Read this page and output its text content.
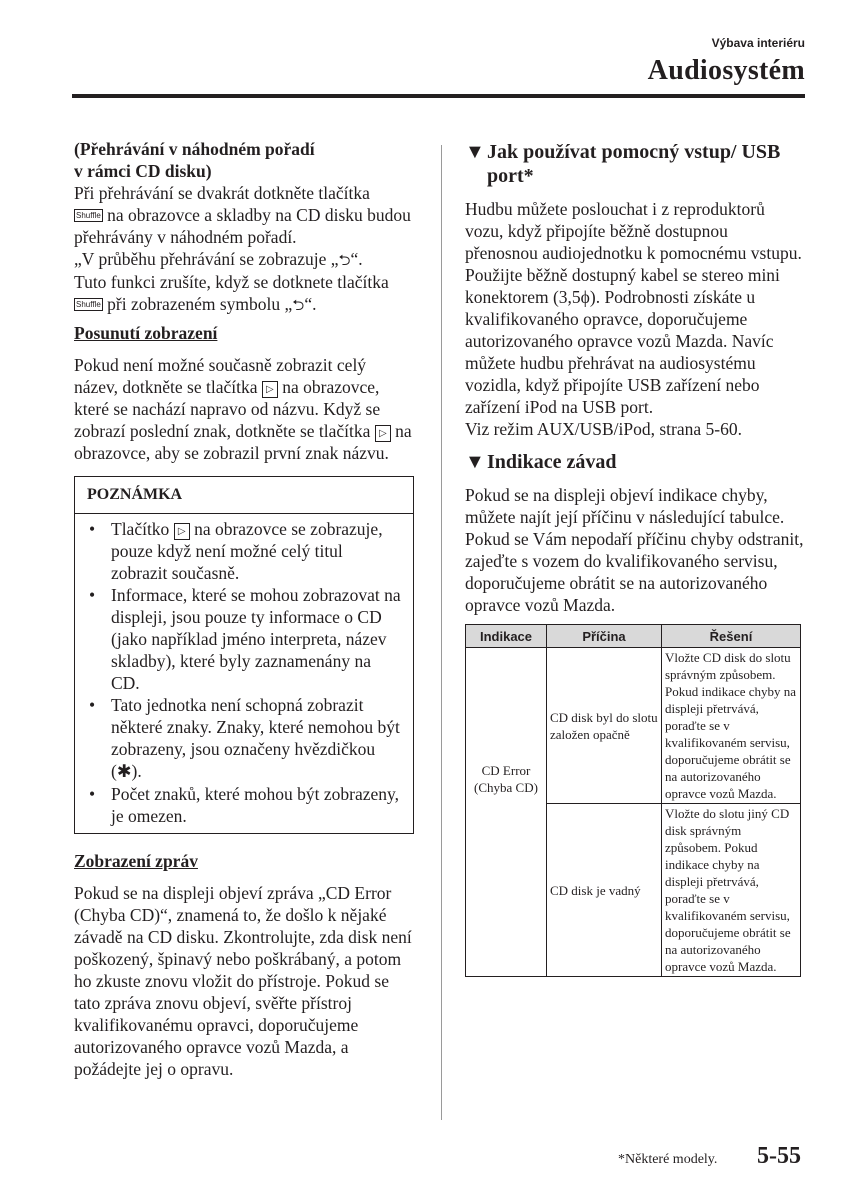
Výbava interiéru
Audiosystém

(Přehrávání v náhodném pořadí
v rámci CD disku)

Při přehrávání se dvakrát dotkněte tlačítka
Shuffle na obrazovce a skladby na CD disku budou přehrávány v náhodném pořadí.
„V průběhu přehrávání se zobrazuje „⮌“.
Tuto funkci zrušíte, když se dotknete tlačítka Shuffle při zobrazeném symbolu „⮌“.

Posunutí zobrazení

Pokud není možné současně zobrazit celý název, dotkněte se tlačítka ▷ na obrazovce, které se nachází napravo od názvu. Když se zobrazí poslední znak, dotkněte se tlačítka ▷ na obrazovce, aby se zobrazil první znak názvu.

POZNÁMKA
• Tlačítko ▷ na obrazovce se zobrazuje, pouze když není možné celý titul zobrazit současně.
• Informace, které se mohou zobrazovat na displeji, jsou pouze ty informace o CD (jako například jméno interpreta, název skladby), které byly zaznamenány na CD.
• Tato jednotka není schopná zobrazit některé znaky. Znaky, které nemohou být zobrazeny, jsou označeny hvězdičkou (✱).
• Počet znaků, které mohou být zobrazeny, je omezen.

Zobrazení zpráv

Pokud se na displeji objeví zpráva „CD Error (Chyba CD)“, znamená to, že došlo k nějaké závadě na CD disku. Zkontrolujte, zda disk není poškozený, špinavý nebo poškrábaný, a potom ho zkuste znovu vložit do přístroje. Pokud se tato zpráva znovu objeví, svěřte přístroj kvalifikovanému opravci, doporučujeme autorizovaného opravce vozů Mazda, a požádejte jej o opravu.

▼ Jak používat pomocný vstup/ USB port*

Hudbu můžete poslouchat i z reproduktorů vozu, když připojíte běžně dostupnou přenosnou audiojednotku k pomocnému vstupu. Použijte běžně dostupný kabel se stereo mini konektorem (3,5ϕ). Podrobnosti získáte u kvalifikovaného opravce, doporučujeme autorizovaného opravce vozů Mazda. Navíc můžete hudbu přehrávat na audiosystému vozidla, když připojíte USB zařízení nebo zařízení iPod na USB port.

Viz režim AUX/USB/iPod, strana 5-60.

▼ Indikace závad

Pokud se na displeji objeví indikace chyby, můžete najít její příčinu v následující tabulce. Pokud se Vám nepodaří příčinu chyby odstranit, zajeďte s vozem do kvalifikovaného servisu, doporučujeme obrátit se na autorizovaného opravce vozů Mazda.

Indikace	Příčina	Řešení
CD Error (Chyba CD)	CD disk byl do slotu založen opačně	Vložte CD disk do slotu správným způsobem. Pokud indikace chyby na displeji přetrvává, poraďte se v kvalifikovaném servisu, doporučujeme obrátit se na autorizovaného opravce vozů Mazda.
	CD disk je vadný	Vložte do slotu jiný CD disk správným způsobem. Pokud indikace chyby na displeji přetrvává, poraďte se v kvalifikovaném servisu, doporučujeme obrátit se na autorizovaného opravce vozů Mazda.
*Některé modely. 5-55
